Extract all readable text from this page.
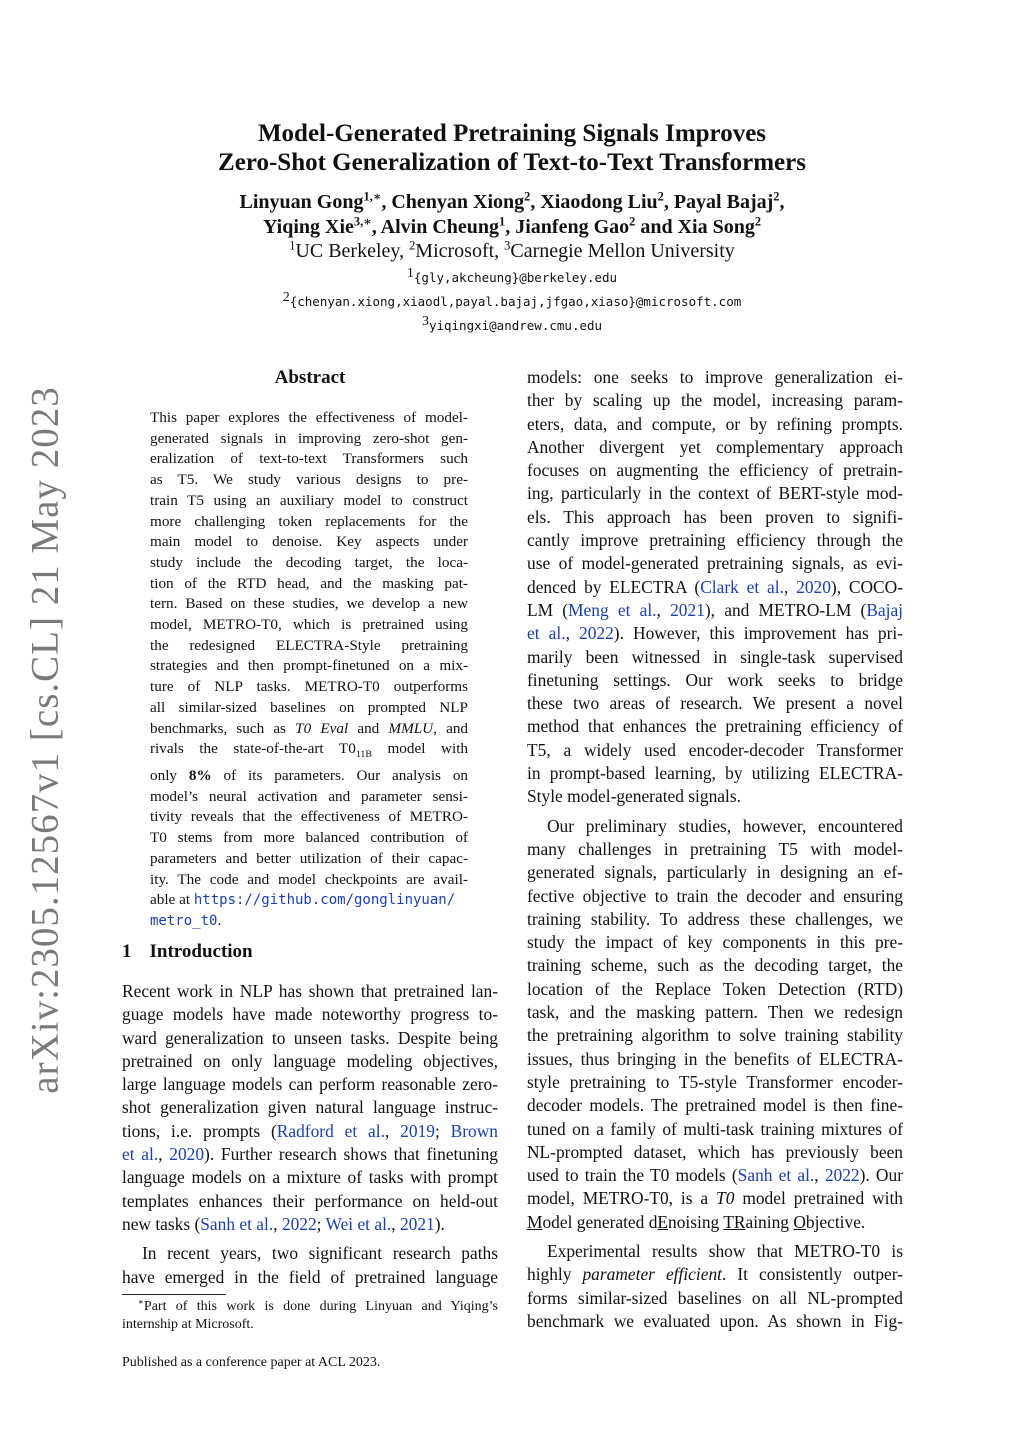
arXiv:2305.12567v1 [cs.CL] 21 May 2023
Model-Generated Pretraining Signals Improves
Zero-Shot Generalization of Text-to-Text Transformers
Linyuan Gong$^{1,∗}$, Chenyan Xiong$^2$, Xiaodong Liu$^2$, Payal Bajaj$^2$,
Yiqing Xie$^{3,∗}$, Alvin Cheung$^1$, Jianfeng Gao$^2$ and Xia Song$^2$
$^1$UC Berkeley, $^2$Microsoft, $^3$Carnegie Mellon University
$^1${gly,akcheung}@berkeley.edu
$^2${chenyan.xiong,xiaodl,payal.bajaj,jfgao,xiaso}@microsoft.com
$^3$yiqingxi@andrew.cmu.edu
Abstract
This paper explores the effectiveness of model-
generated signals in improving zero-shot gen-
eralization of text-to-text Transformers such
as T5. We study various designs to pre-
train T5 using an auxiliary model to construct
more challenging token replacements for the
main model to denoise. Key aspects under
study include the decoding target, the loca-
tion of the RTD head, and the masking pat-
tern. Based on these studies, we develop a new
model, METRO-T0, which is pretrained using
the redesigned ELECTRA-Style pretraining
strategies and then prompt-finetuned on a mix-
ture of NLP tasks. METRO-T0 outperforms
all similar-sized baselines on prompted NLP
benchmarks, such as T0 Eval and MMLU, and
rivals the state-of-the-art $T0_{11B}$ model with
only 8% of its parameters. Our analysis on
model’s neural activation and parameter sensi-
tivity reveals that the effectiveness of METRO-
T0 stems from more balanced contribution of
parameters and better utilization of their capac-
ity. The code and model checkpoints are avail-
able at https://github.com/gonglinyuan/
metro_t0.
1 Introduction
Recent work in NLP has shown that pretrained lan-
guage models have made noteworthy progress to-
ward generalization to unseen tasks. Despite being
pretrained on only language modeling objectives,
large language models can perform reasonable zero-
shot generalization given natural language instruc-
tions, i.e. prompts (Radford et al., 2019; Brown
et al., 2020). Further research shows that finetuning
language models on a mixture of tasks with prompt
templates enhances their performance on held-out
new tasks (Sanh et al., 2022; Wei et al., 2021).
In recent years, two significant research paths
have emerged in the field of pretrained language
models: one seeks to improve generalization ei-
ther by scaling up the model, increasing param-
eters, data, and compute, or by refining prompts.
Another divergent yet complementary approach
focuses on augmenting the efficiency of pretrain-
ing, particularly in the context of BERT-style mod-
els. This approach has been proven to signifi-
cantly improve pretraining efficiency through the
use of model-generated pretraining signals, as evi-
denced by ELECTRA (Clark et al., 2020), COCO-
LM (Meng et al., 2021), and METRO-LM (Bajaj
et al., 2022). However, this improvement has pri-
marily been witnessed in single-task supervised
finetuning settings. Our work seeks to bridge
these two areas of research. We present a novel
method that enhances the pretraining efficiency of
T5, a widely used encoder-decoder Transformer
in prompt-based learning, by utilizing ELECTRA-
Style model-generated signals.
Our preliminary studies, however, encountered
many challenges in pretraining T5 with model-
generated signals, particularly in designing an ef-
fective objective to train the decoder and ensuring
training stability. To address these challenges, we
study the impact of key components in this pre-
training scheme, such as the decoding target, the
location of the Replace Token Detection (RTD)
task, and the masking pattern. Then we redesign
the pretraining algorithm to solve training stability
issues, thus bringing in the benefits of ELECTRA-
style pretraining to T5-style Transformer encoder-
decoder models. The pretrained model is then fine-
tuned on a family of multi-task training mixtures of
NL-prompted dataset, which has previously been
used to train the T0 models (Sanh et al., 2022). Our
model, METRO-T0, is a T0 model pretrained with
Model generated dEnoising TRaining Objective.
Experimental results show that METRO-T0 is
highly parameter efficient. It consistently outper-
forms similar-sized baselines on all NL-prompted
benchmark we evaluated upon. As shown in Fig-
∗Part of this work is done during Linyuan and Yiqing’s
internship at Microsoft.
Published as a conference paper at ACL 2023.
